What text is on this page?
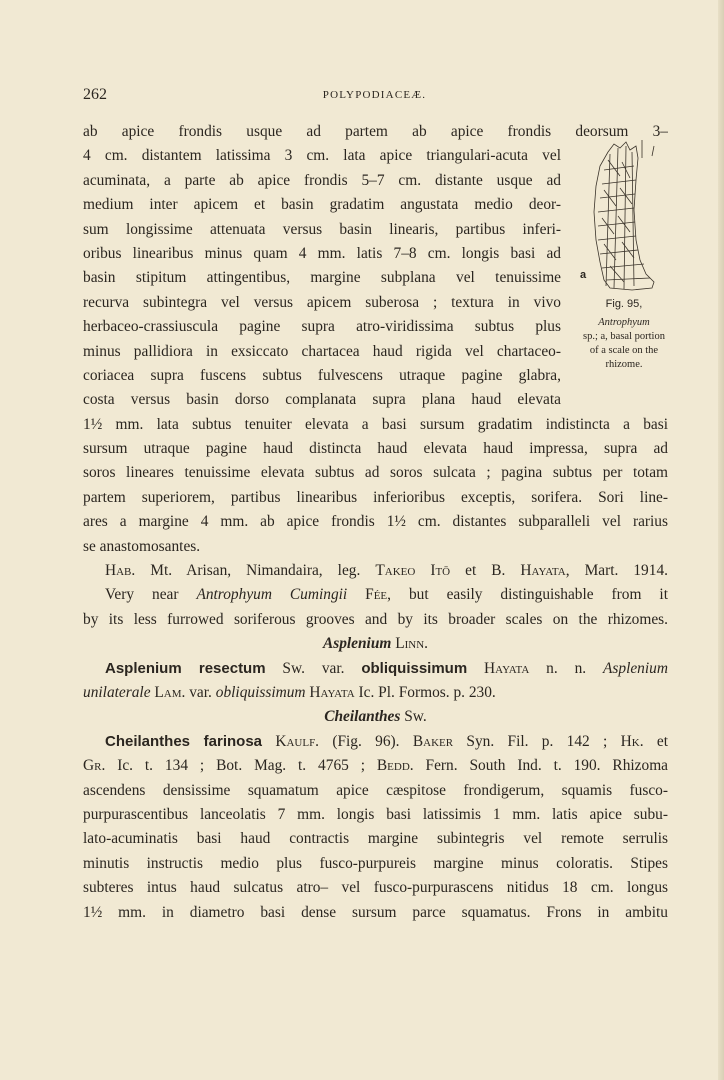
262	POLYPODIACEÆ.
a
Fig. 95,
Antrophyum
sp.; a, basal portion of a scale on the rhizome.
ab apice frondis usque ad partem ab apice frondis deorsum 3–
4 cm. distantem latissima 3 cm. lata apice triangulari-acuta vel
acuminata, a parte ab apice frondis 5–7 cm. distante usque ad
medium inter apicem et basin gradatim angustata medio deor-
sum longissime attenuata versus basin linearis, partibus inferi-
oribus linearibus minus quam 4 mm. latis 7–8 cm. longis basi ad
basin stipitum attingentibus, margine subplana vel tenuissime
recurva subintegra vel versus apicem suberosa ; textura in vivo
herbaceo-crassiuscula pagine supra atro-viridissima subtus plus
minus pallidiora in exsiccato chartacea haud rigida vel chartaceo-
coriacea supra fuscens subtus fulvescens utraque pagine glabra,
costa versus basin dorso complanata supra plana haud elevata
1½ mm. lata subtus tenuiter elevata a basi sursum gradatim indistincta a basi
sursum utraque pagine haud distincta haud elevata haud impressa, supra ad
soros lineares tenuissime elevata subtus ad soros sulcata ; pagina subtus per totam
partem superiorem, partibus linearibus inferioribus exceptis, sorifera. Sori line-
ares a margine 4 mm. ab apice frondis 1½ cm. distantes subparalleli vel rarius
se anastomosantes.
Hab. Mt. Arisan, Nimandaira, leg. Takeo Itō et B. Hayata, Mart. 1914.
Very near Antrophyum Cumingii Fée, but easily distinguishable from it
by its less furrowed soriferous grooves and by its broader scales on the rhizomes.
Asplenium Linn.
Asplenium resectum Sw. var. obliquissimum Hayata n. n. Asplenium
unilaterale Lam. var. obliquissimum Hayata Ic. Pl. Formos. p. 230.
Cheilanthes Sw.
Cheilanthes farinosa Kaulf. (Fig. 96). Baker Syn. Fil. p. 142 ; Hk. et
Gr. Ic. t. 134 ; Bot. Mag. t. 4765 ; Bedd. Fern. South Ind. t. 190. Rhizoma
ascendens densissime squamatum apice cæspitose frondigerum, squamis fusco-
purpurascentibus lanceolatis 7 mm. longis basi latissimis 1 mm. latis apice subu-
lato-acuminatis basi haud contractis margine subintegris vel remote serrulis
minutis instructis medio plus fusco-purpureis margine minus coloratis. Stipes
subteres intus haud sulcatus atro– vel fusco-purpurascens nitidus 18 cm. longus
1½ mm. in diametro basi dense sursum parce squamatus. Frons in ambitu
